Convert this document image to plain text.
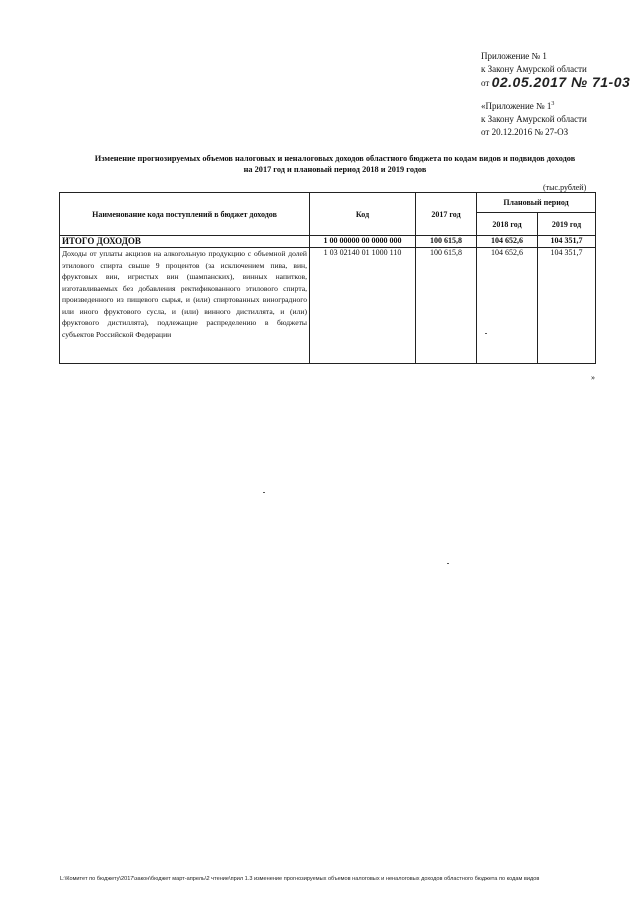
Приложение № 1
к Закону Амурской области
от 02.05.2017 № 71-03
«Приложение № $1^3$
к Закону Амурской области
от 20.12.2016 № 27-ОЗ
Изменение прогнозируемых объемов налоговых и неналоговых доходов областного бюджета по кодам видов и подвидов доходов
на 2017 год и плановый период 2018 и 2019 годов
(тыс.рублей)
Наименование кода поступлений в бюджет доходов	Код	2017 год	Плановый период	
			2018 год	2019 год
ИТОГО ДОХОДОВ	1 00 00000 00 0000 000	100 615,8	104 652,6	104 351,7
Доходы от уплаты акцизов на алкогольную продукцию с объемной долей этилового спирта свыше 9 процентов (за исключением пива, вин, фруктовых вин, игристых вин (шампанских), винных напитков, изготавливаемых без добавления ректификованного этилового спирта, произведенного из пищевого сырья, и (или) спиртованных виноградного или иного фруктового сусла, и (или) винного дистиллята, и (или) фруктового дистиллята), подлежащие распределению в бюджеты субъектов Российской Федерации	1 03 02140 01 1000 110	100 615,8	104 652,6	104 351,7
»
L:\Комитет по бюджету\2017\закон\бюджет март-апрель\2 чтение\прил 1.3 изменение прогнозируемых объемов налоговых и неналоговых доходов областного бюджета по кодам видов
